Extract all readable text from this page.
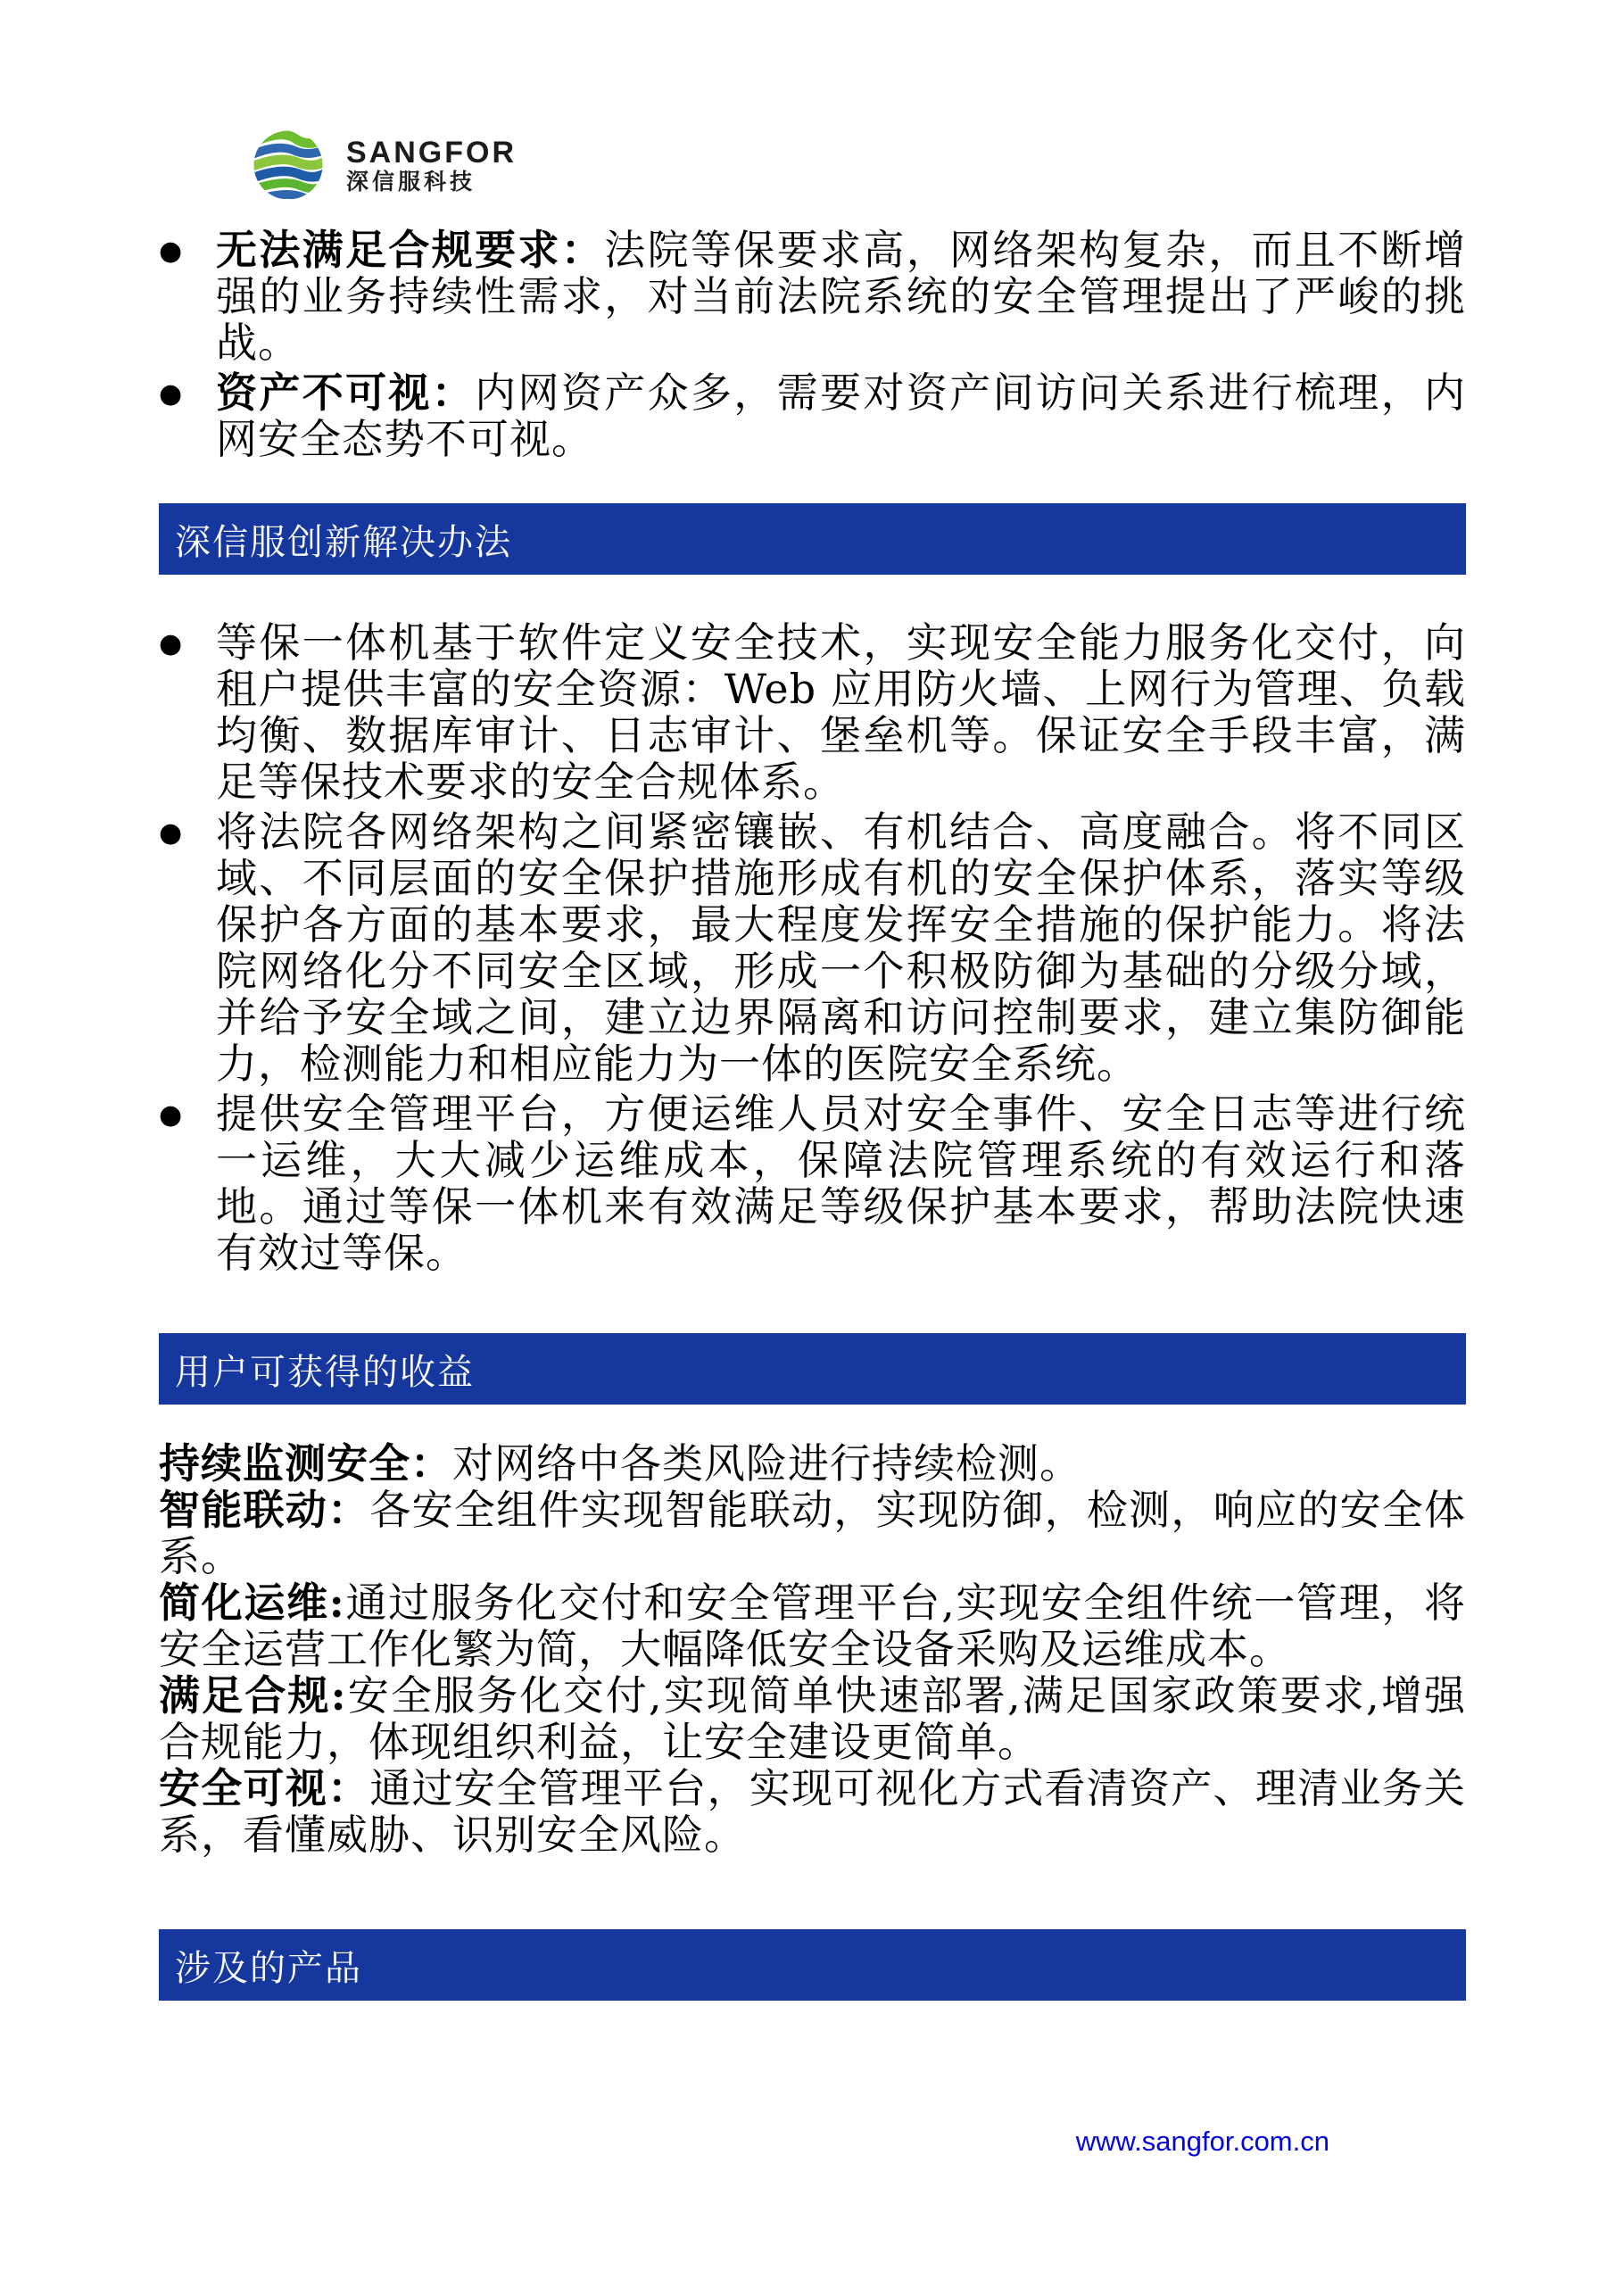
SANGFOR
深信服科技
● 无法满足合规要求：法院等保要求高，网络架构复杂，而且不断增强的业务持续性需求，对当前法院系统的安全管理提出了严峻的挑战。
● 资产不可视：内网资产众多，需要对资产间访问关系进行梳理，内网安全态势不可视。
深信服创新解决办法
● 等保一体机基于软件定义安全技术，实现安全能力服务化交付，向租户提供丰富的安全资源：Web 应用防火墙、上网行为管理、负载均衡、数据库审计、日志审计、堡垒机等。保证安全手段丰富，满足等保技术要求的安全合规体系。
● 将法院各网络架构之间紧密镶嵌、有机结合、高度融合。将不同区域、不同层面的安全保护措施形成有机的安全保护体系，落实等级保护各方面的基本要求，最大程度发挥安全措施的保护能力。将法院网络化分不同安全区域，形成一个积极防御为基础的分级分域，并给予安全域之间，建立边界隔离和访问控制要求，建立集防御能力，检测能力和相应能力为一体的医院安全系统。
● 提供安全管理平台，方便运维人员对安全事件、安全日志等进行统一运维，大大减少运维成本，保障法院管理系统的有效运行和落地。通过等保一体机来有效满足等级保护基本要求，帮助法院快速有效过等保。
用户可获得的收益

持续监测安全：对网络中各类风险进行持续检测。

智能联动：各安全组件实现智能联动，实现防御，检测，响应的安全体系。

简化运维:通过服务化交付和安全管理平台,实现安全组件统一管理，将安全运营工作化繁为简，大幅降低安全设备采购及运维成本。

满足合规:安全服务化交付,实现简单快速部署,满足国家政策要求,增强合规能力，体现组织利益，让安全建设更简单。

安全可视：通过安全管理平台，实现可视化方式看清资产、理清业务关系，看懂威胁、识别安全风险。

涉及的产品
www.sangfor.com.cn
